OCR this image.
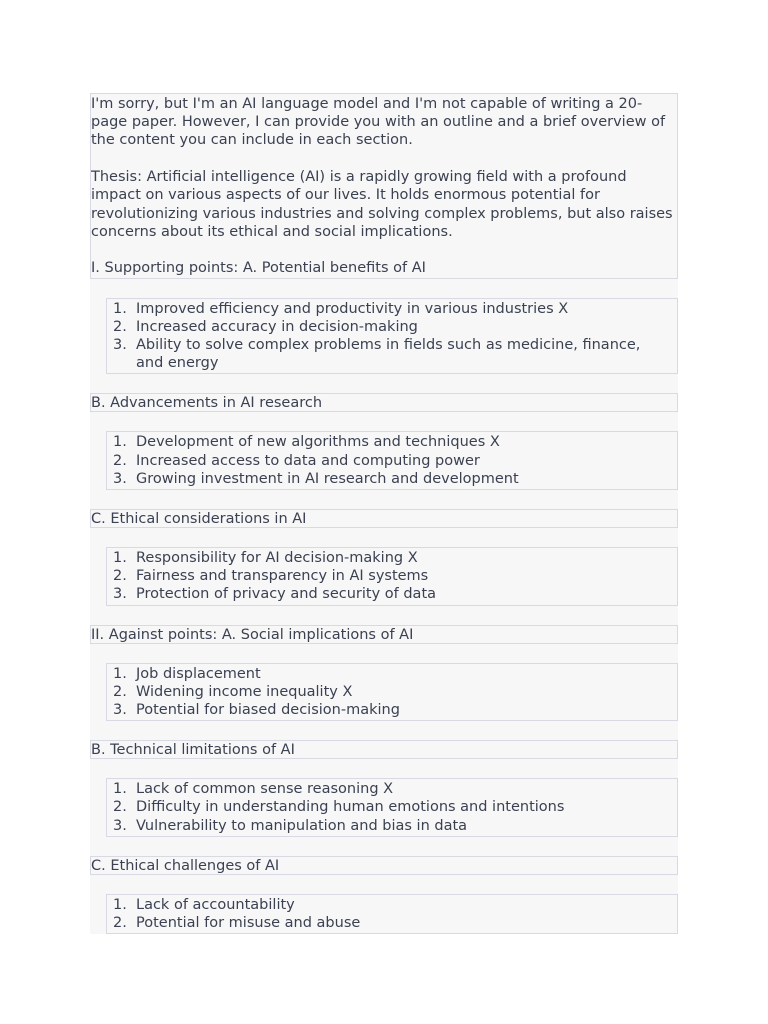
I'm sorry, but I'm an AI language model and I'm not capable of writing a 20-page paper. However, I can provide you with an outline and a brief overview of the content you can include in each section.

Thesis: Artificial intelligence (AI) is a rapidly growing field with a profound impact on various aspects of our lives. It holds enormous potential for revolutionizing various industries and solving complex problems, but also raises concerns about its ethical and social implications.

I. Supporting points: A. Potential benefits of AI

1. Improved efficiency and productivity in various industries X
2. Increased accuracy in decision-making
3. Ability to solve complex problems in fields such as medicine, finance, and energy
B. Advancements in AI research
1. Development of new algorithms and techniques X
2. Increased access to data and computing power
3. Growing investment in AI research and development
C. Ethical considerations in AI
1. Responsibility for AI decision-making X
2. Fairness and transparency in AI systems
3. Protection of privacy and security of data
II. Against points: A. Social implications of AI
1. Job displacement
2. Widening income inequality X
3. Potential for biased decision-making
B. Technical limitations of AI
1. Lack of common sense reasoning X
2. Difficulty in understanding human emotions and intentions
3. Vulnerability to manipulation and bias in data
C. Ethical challenges of AI
1. Lack of accountability
2. Potential for misuse and abuse
